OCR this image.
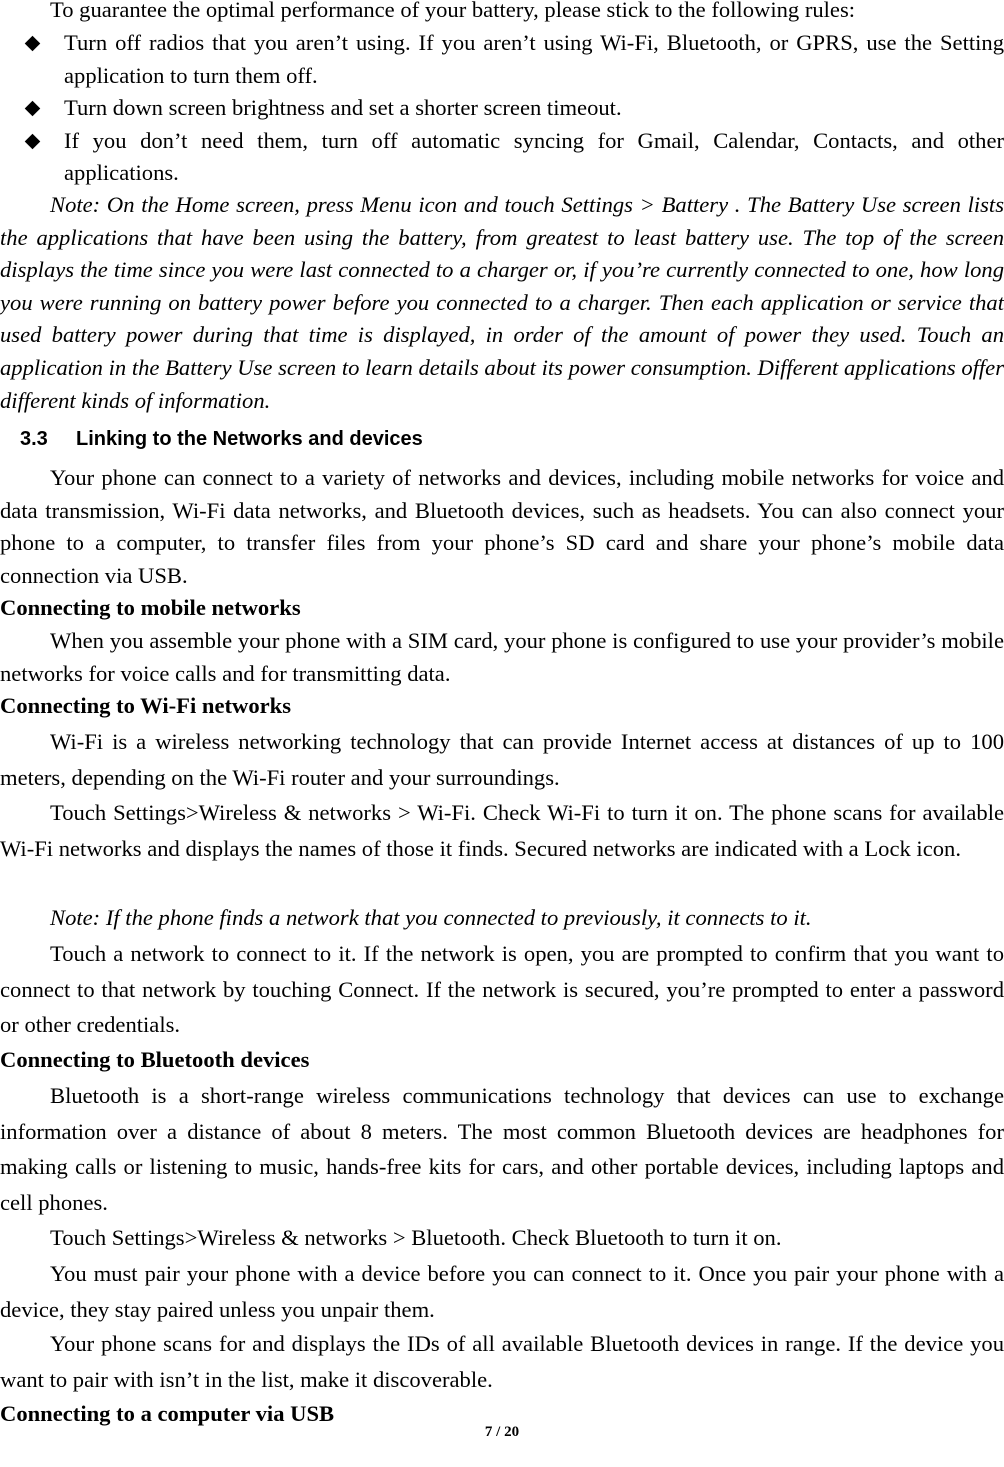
To guarantee the optimal performance of your battery, please stick to the following rules:

Turn off radios that you aren’t using. If you aren’t using Wi-Fi, Bluetooth, or GPRS, use the Setting application to turn them off.
Turn down screen brightness and set a shorter screen timeout.
If you don’t need them, turn off automatic syncing for Gmail, Calendar, Contacts, and other applications.

Note: On the Home screen, press Menu icon and touch Settings > Battery . The Battery Use screen lists the applications that have been using the battery, from greatest to least battery use. The top of the screen displays the time since you were last connected to a charger or, if you’re currently connected to one, how long you were running on battery power before you connected to a charger. Then each application or service that used battery power during that time is displayed, in order of the amount of power they used. Touch an application in the Battery Use screen to learn details about its power consumption. Different applications offer different kinds of information.

3.3 Linking to the Networks and devices

Your phone can connect to a variety of networks and devices, including mobile networks for voice and data transmission, Wi-Fi data networks, and Bluetooth devices, such as headsets. You can also connect your phone to a computer, to transfer files from your phone’s SD card and share your phone’s mobile data connection via USB.

Connecting to mobile networks

When you assemble your phone with a SIM card, your phone is configured to use your provider’s mobile networks for voice calls and for transmitting data.

Connecting to Wi-Fi networks

Wi-Fi is a wireless networking technology that can provide Internet access at distances of up to 100 meters, depending on the Wi-Fi router and your surroundings.

Touch Settings>Wireless & networks > Wi-Fi. Check Wi-Fi to turn it on. The phone scans for available Wi-Fi networks and displays the names of those it finds. Secured networks are indicated with a Lock icon.

Note: If the phone finds a network that you connected to previously, it connects to it.

Touch a network to connect to it. If the network is open, you are prompted to confirm that you want to connect to that network by touching Connect. If the network is secured, you’re prompted to enter a password or other credentials.

Connecting to Bluetooth devices

Bluetooth is a short-range wireless communications technology that devices can use to exchange information over a distance of about 8 meters. The most common Bluetooth devices are headphones for making calls or listening to music, hands-free kits for cars, and other portable devices, including laptops and cell phones.

Touch Settings>Wireless & networks > Bluetooth. Check Bluetooth to turn it on.

You must pair your phone with a device before you can connect to it. Once you pair your phone with a device, they stay paired unless you unpair them.

Your phone scans for and displays the IDs of all available Bluetooth devices in range. If the device you want to pair with isn’t in the list, make it discoverable.

Connecting to a computer via USB

7 / 20
